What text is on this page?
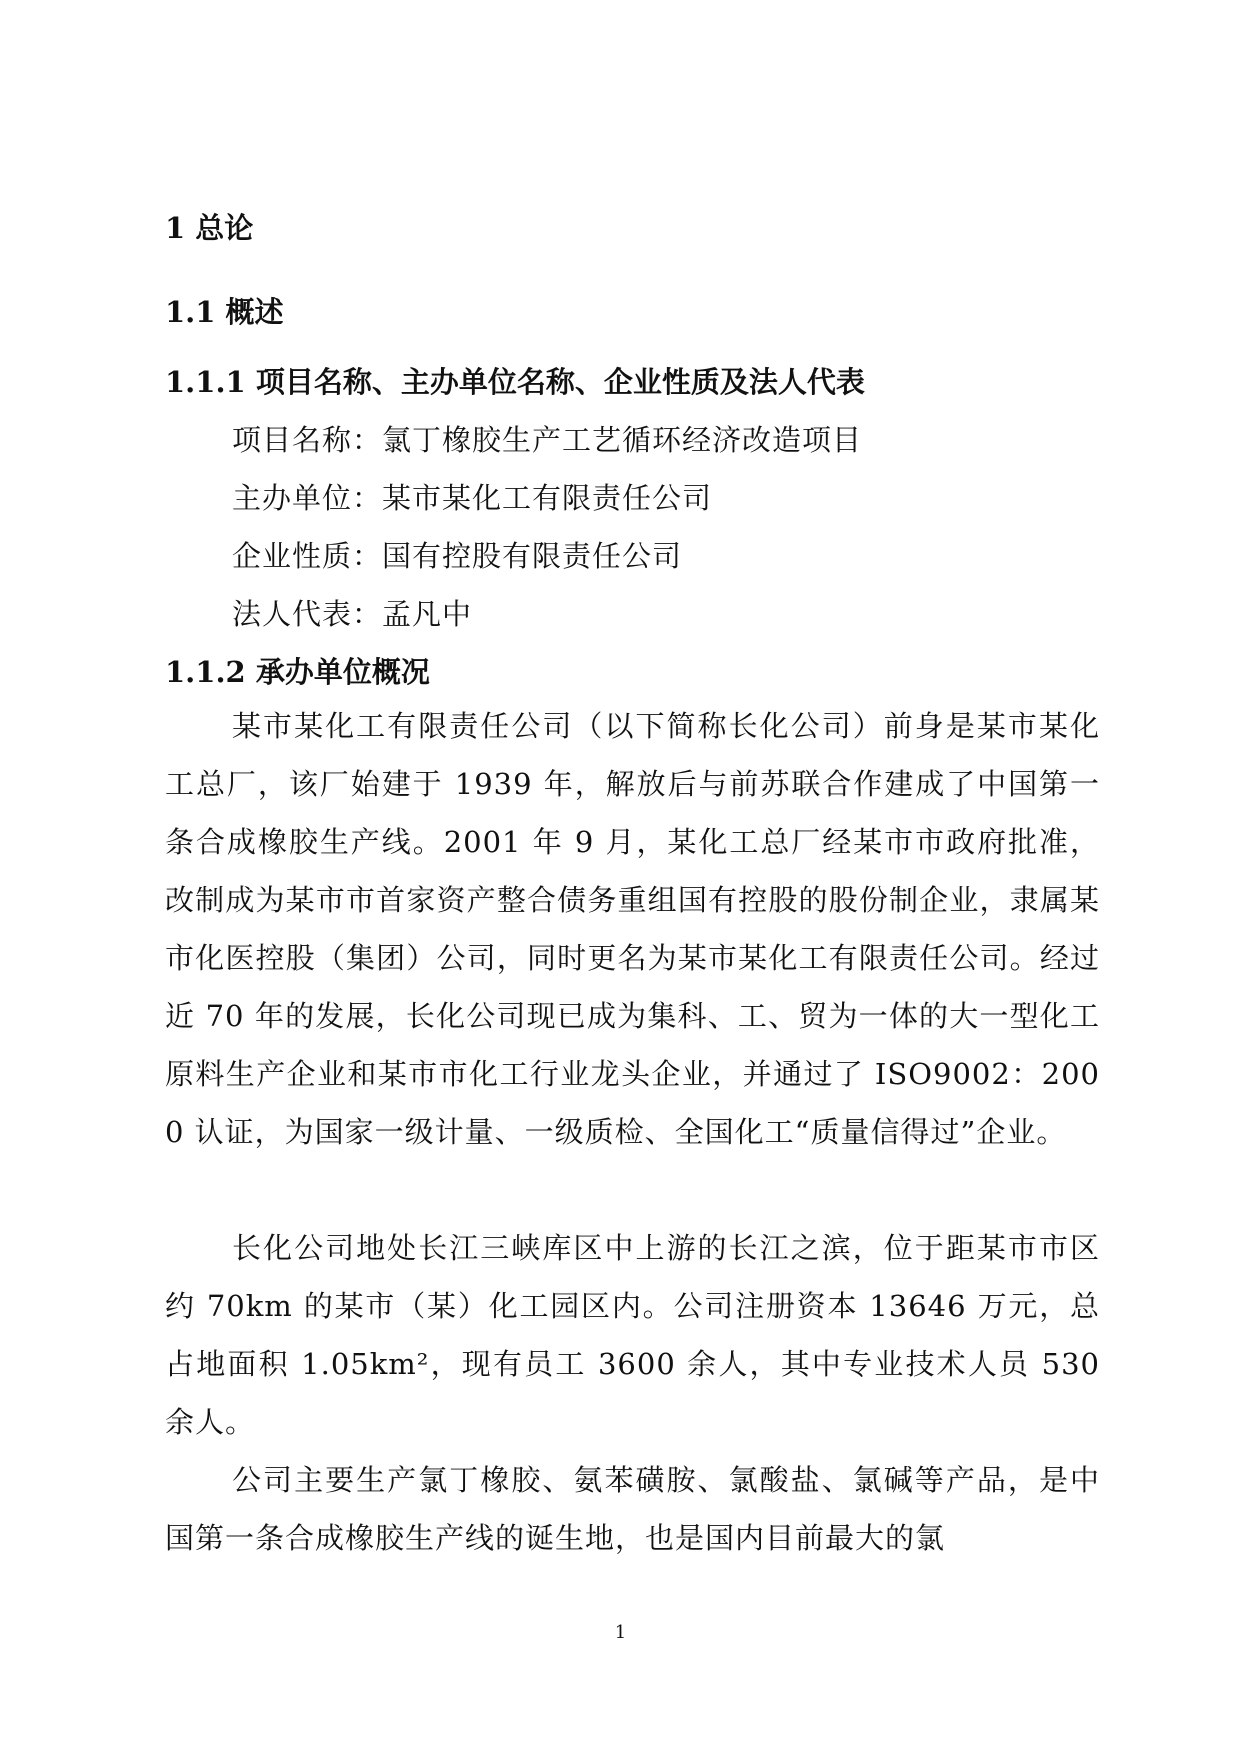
1 总论
1.1 概述
1.1.1 项目名称、主办单位名称、企业性质及法人代表

项目名称：氯丁橡胶生产工艺循环经济改造项目

主办单位：某市某化工有限责任公司

企业性质：国有控股有限责任公司

法人代表：孟凡中

1.1.2 承办单位概况

某市某化工有限责任公司（以下简称长化公司）前身是某市某化工总厂，该厂始建于 1939 年，解放后与前苏联合作建成了中国第一条合成橡胶生产线。2001 年 9 月，某化工总厂经某市市政府批准，改制成为某市市首家资产整合债务重组国有控股的股份制企业，隶属某市化医控股（集团）公司，同时更名为某市某化工有限责任公司。经过近 70 年的发展，长化公司现已成为集科、工、贸为一体的大一型化工原料生产企业和某市市化工行业龙头企业，并通过了 ISO9002：2000 认证，为国家一级计量、一级质检、全国化工“质量信得过”企业。

长化公司地处长江三峡库区中上游的长江之滨，位于距某市市区约 70km 的某市（某）化工园区内。公司注册资本 13646 万元，总占地面积 1.05km²，现有员工 3600 余人，其中专业技术人员 530 余人。

公司主要生产氯丁橡胶、氨苯磺胺、氯酸盐、氯碱等产品，是中国第一条合成橡胶生产线的诞生地，也是国内目前最大的氯

1
